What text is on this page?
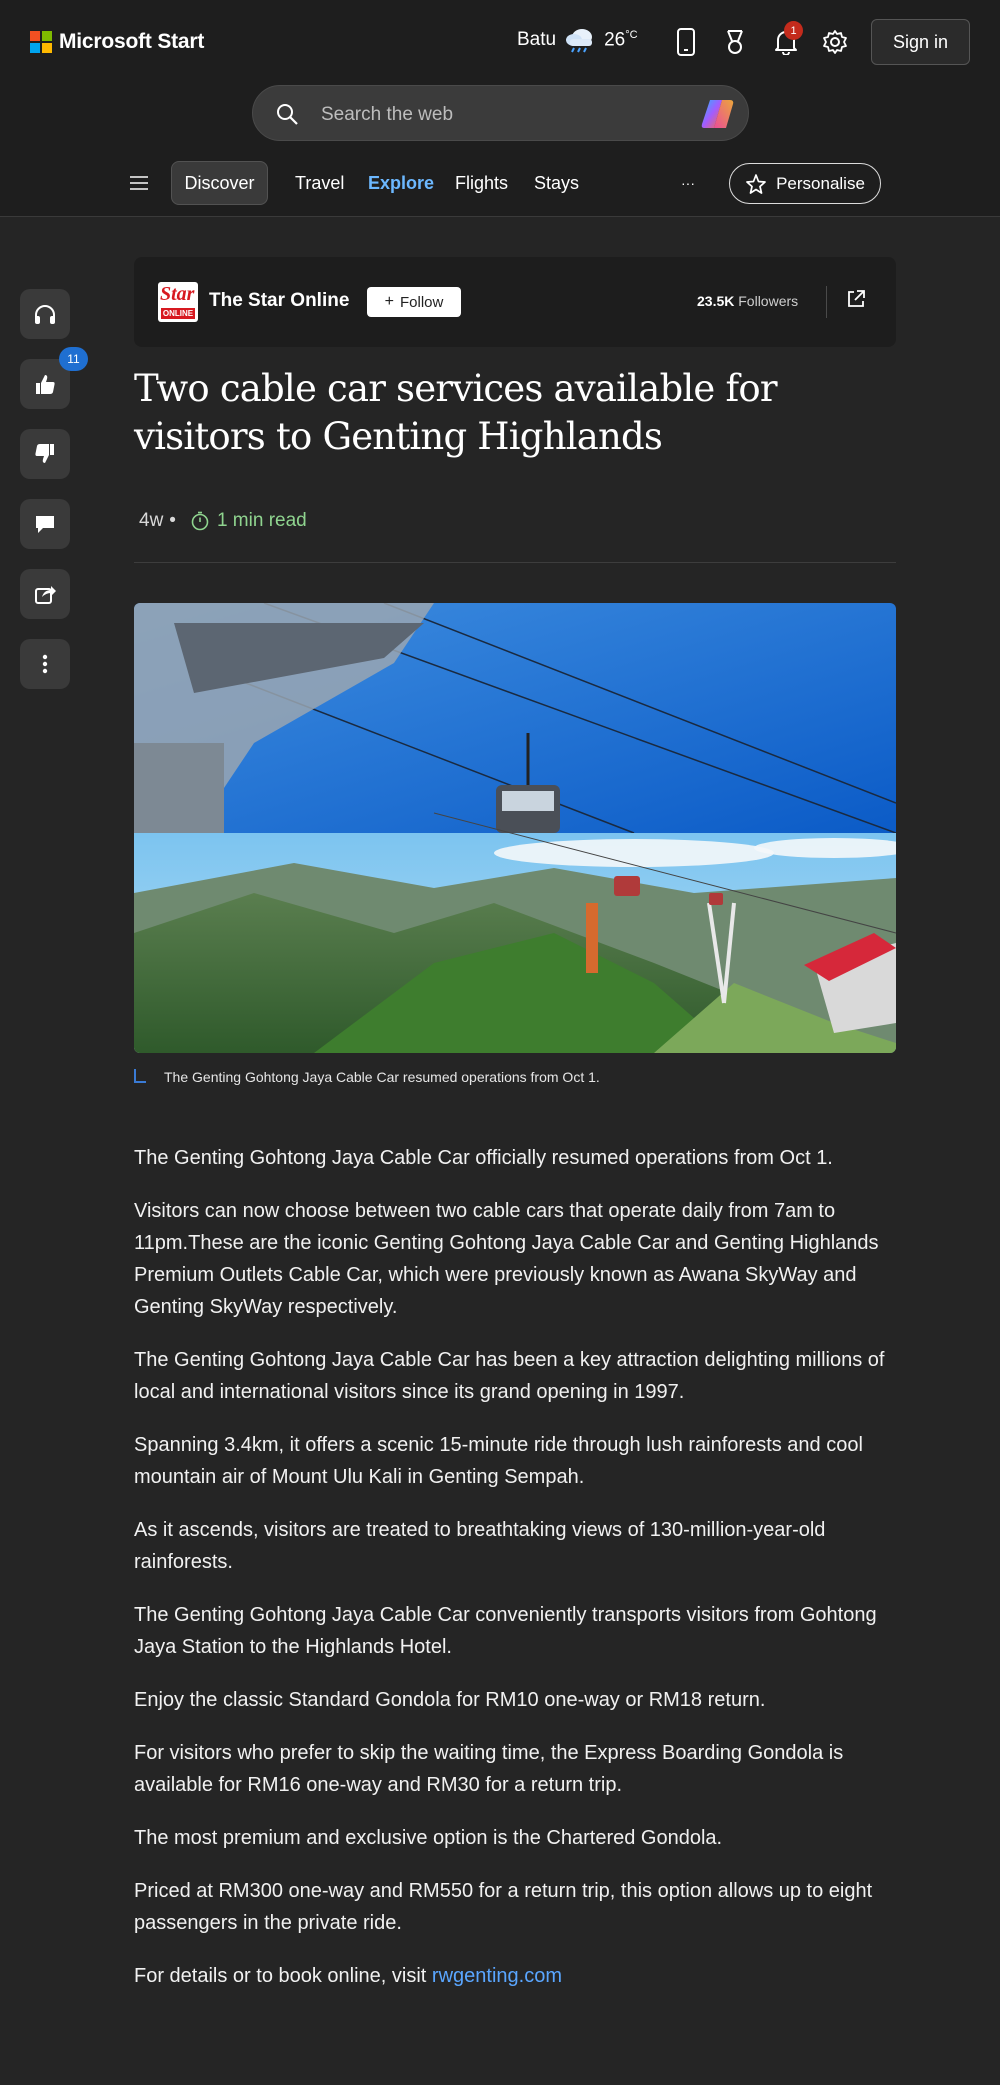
Microsoft Start	Batu	$26^{^\circ C}$	1
Sign in
Search the web
Discover	Travel Explore Flights Stays	···	Personalise
11
Star
ONLINE
The Star Online + Follow	23.5K Followers
Two cable car services available for visitors to Genting Highlands
4w • 1 min read

The Genting Gohtong Jaya Cable Car resumed operations from Oct 1.

The Genting Gohtong Jaya Cable Car officially resumed operations from Oct 1.

Visitors can now choose between two cable cars that operate daily from 7am to 11pm.These are the iconic Genting Gohtong Jaya Cable Car and Genting Highlands Premium Outlets Cable Car, which were previously known as Awana SkyWay and Genting SkyWay respectively.

The Genting Gohtong Jaya Cable Car has been a key attraction delighting millions of local and international visitors since its grand opening in 1997.

Spanning 3.4km, it offers a scenic 15-minute ride through lush rainforests and cool mountain air of Mount Ulu Kali in Genting Sempah.

As it ascends, visitors are treated to breathtaking views of 130-million-year-old rainforests.

The Genting Gohtong Jaya Cable Car conveniently transports visitors from Gohtong Jaya Station to the Highlands Hotel.

Enjoy the classic Standard Gondola for RM10 one-way or RM18 return.

For visitors who prefer to skip the waiting time, the Express Boarding Gondola is available for RM16 one-way and RM30 for a return trip.

The most premium and exclusive option is the Chartered Gondola.

Priced at RM300 one-way and RM550 for a return trip, this option allows up to eight passengers in the private ride.

For details or to book online, visit rwgenting.com
